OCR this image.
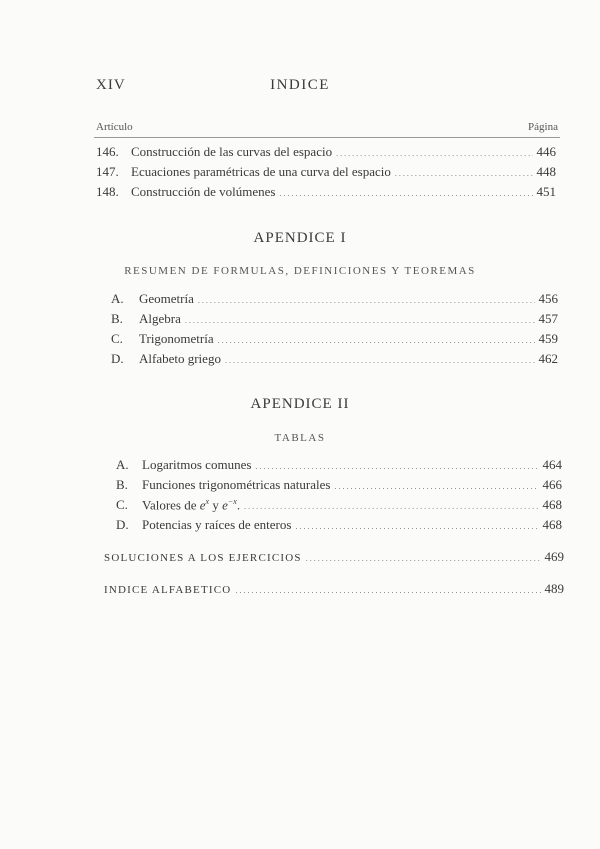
XIV	INDICE
Artículo	Página
146. Construcción de las curvas del espacio . . .	446
147. Ecuaciones paramétricas de una curva del espacio . . .	448
148. Construcción de volúmenes . . .	451
APENDICE I
RESUMEN DE FORMULAS, DEFINICIONES Y TEOREMAS
A.	Geometría . . .	456
B.	Algebra . . .	457
C.	Trigonometría . . .	459
D.	Alfabeto griego . . .	462
APENDICE II
TABLAS
A.	Logaritmos comunes . . .	464
B.	Funciones trigonométricas naturales . . .	466
C.	Valores de $e^x$ y $e^{-x}$. . . .	468
D.	Potencias y raíces de enteros . . .	468
SOLUCIONES A LOS EJERCICIOS . . .	469
INDICE ALFABETICO . . .	489
